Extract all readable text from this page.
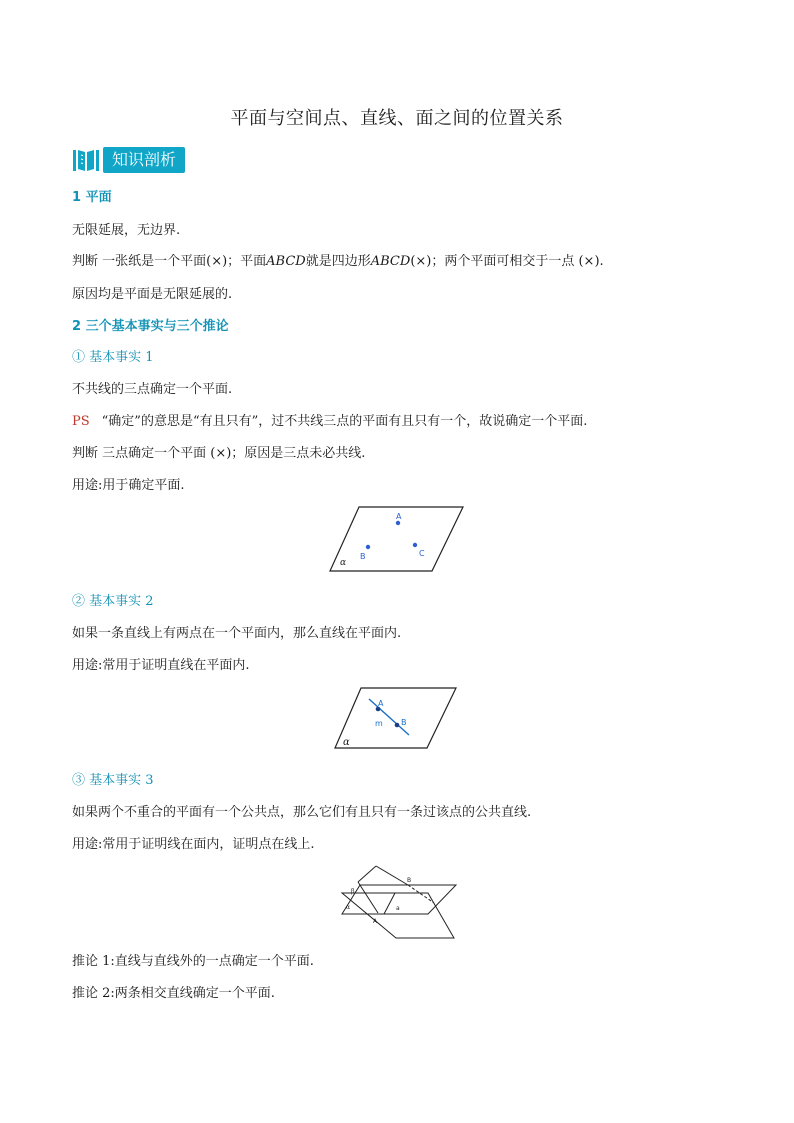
平面与空间点、直线、面之间的位置关系
知识剖析
1 平面
无限延展，无边界.
判断 一张纸是一个平面(×)；平面ABCD就是四边形ABCD(×)；两个平面可相交于一点 (×).
原因均是平面是无限延展的.
2 三个基本事实与三个推论
① 基本事实 1
不共线的三点确定一个平面.
PS “确定”的意思是“有且只有”，过不共线三点的平面有且只有一个，故说确定一个平面.
判断 三点确定一个平面 (×)；原因是三点未必共线.
用途:用于确定平面.
A
B	C
α
② 基本事实 2
如果一条直线上有两点在一个平面内，那么直线在平面内.
用途:常用于证明直线在平面内.
A
B
m
α
③ 基本事实 3
如果两个不重合的平面有一个公共点，那么它们有且只有一条过该点的公共直线.
用途:常用于证明线在面内，证明点在线上.
β
α
B
A
a
推论 1:直线与直线外的一点确定一个平面.
推论 2:两条相交直线确定一个平面.
